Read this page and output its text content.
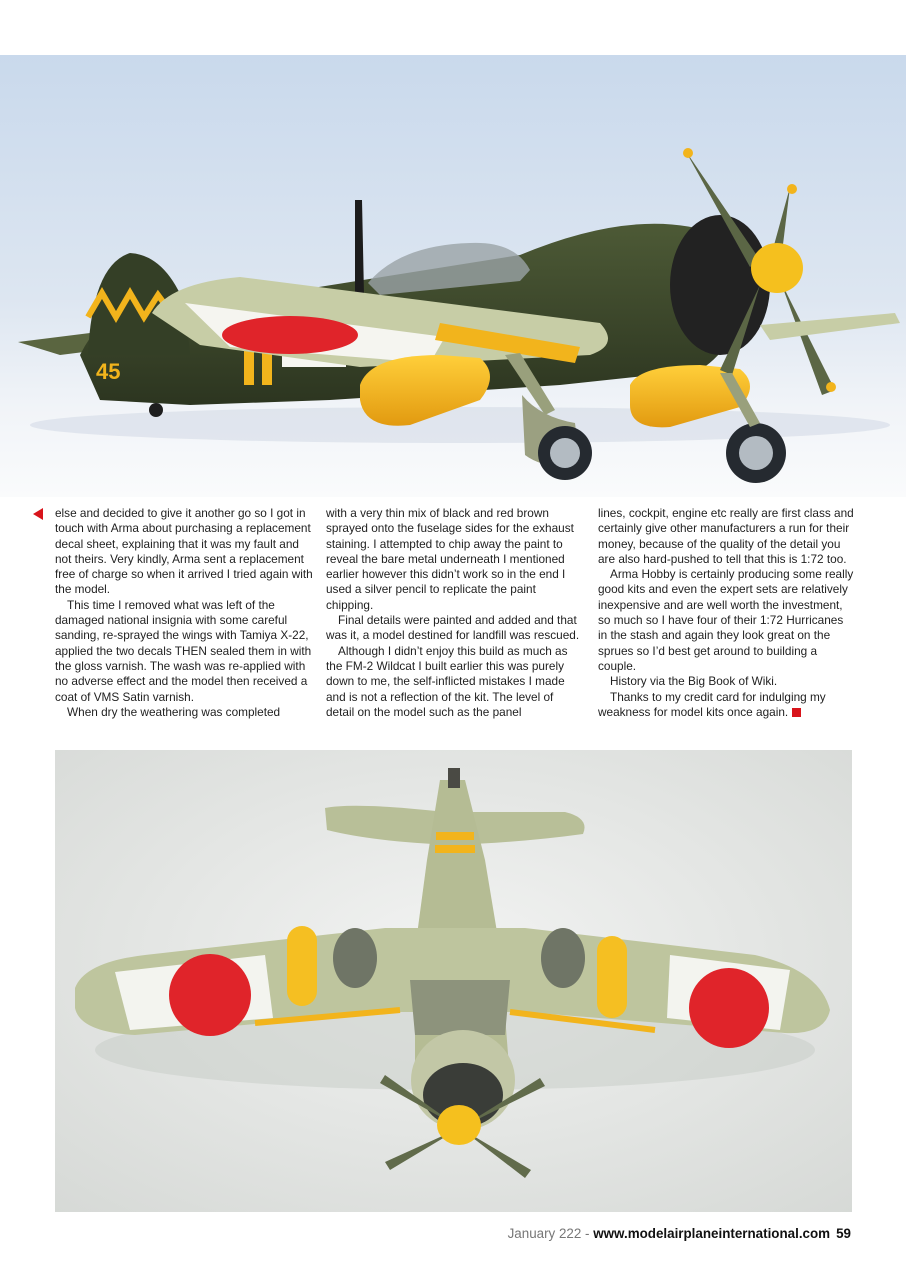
45

else and decided to give it another go so I got in touch with Arma about purchasing a replacement decal sheet, explaining that it was my fault and not theirs. Very kindly, Arma sent a replacement free of charge so when it arrived I tried again with the model.

This time I removed what was left of the damaged national insignia with some careful sanding, re-sprayed the wings with Tamiya X-22, applied the two decals THEN sealed them in with the gloss varnish. The wash was re-applied with no adverse effect and the model then received a coat of VMS Satin varnish.

When dry the weathering was completed

with a very thin mix of black and red brown sprayed onto the fuselage sides for the exhaust staining. I attempted to chip away the paint to reveal the bare metal underneath I mentioned earlier however this didn’t work so in the end I used a silver pencil to replicate the paint chipping.

Final details were painted and added and that was it, a model destined for landfill was rescued.

Although I didn’t enjoy this build as much as the FM-2 Wildcat I built earlier this was purely down to me, the self-inflicted mistakes I made and is not a reflection of the kit. The level of detail on the model such as the panel

lines, cockpit, engine etc really are first class and certainly give other manufacturers a run for their money, because of the quality of the detail you are also hard-pushed to tell that this is 1:72 too.

Arma Hobby is certainly producing some really good kits and even the expert sets are relatively inexpensive and are well worth the investment, so much so I have four of their 1:72 Hurricanes in the stash and again they look great on the sprues so I’d best get around to building a couple.

History via the Big Book of Wiki.

Thanks to my credit card for indulging my weakness for model kits once again.

January 222 - www.modelairplaneinternational.com 59
